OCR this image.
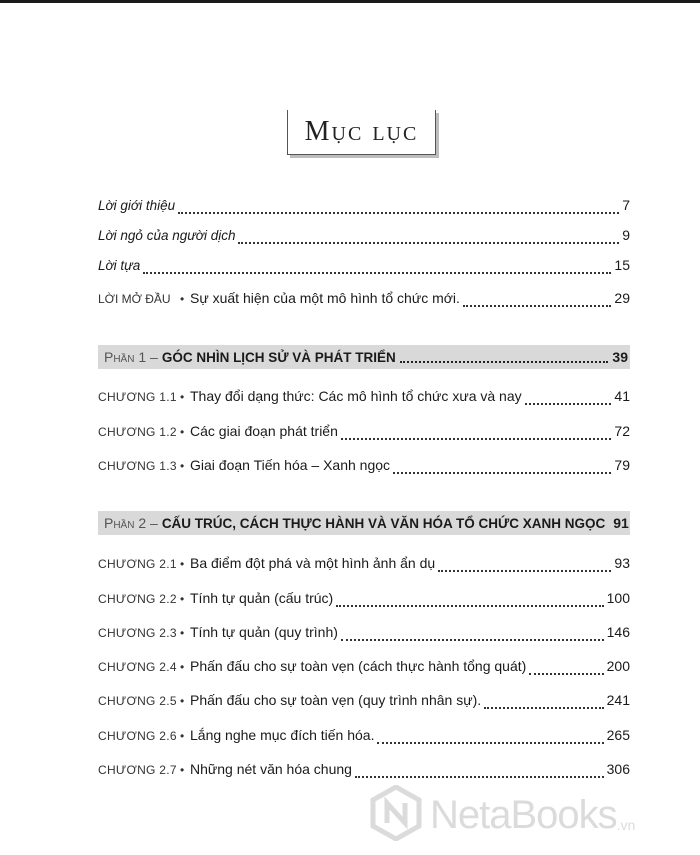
Mục lục
Lời giới thiệu	7
Lời ngỏ của người dịch	9
Lời tựa	15
LỜI MỞ ĐẦU • Sự xuất hiện của một mô hình tổ chức mới.	29
Phần 1 – GÓC NHÌN LỊCH SỬ VÀ PHÁT TRIỂN	39
CHƯƠNG 1.1 • Thay đổi dạng thức: Các mô hình tổ chức xưa và nay	41
CHƯƠNG 1.2 • Các giai đoạn phát triển	72
CHƯƠNG 1.3 • Giai đoạn Tiến hóa – Xanh ngọc	79
Phần 2 – CẤU TRÚC, CÁCH THỰC HÀNH VÀ VĂN HÓA TỔ CHỨC XANH NGỌC 91
CHƯƠNG 2.1 • Ba điểm đột phá và một hình ảnh ẩn dụ	93
CHƯƠNG 2.2 • Tính tự quản (cấu trúc)	100
CHƯƠNG 2.3 • Tính tự quản (quy trình)	146
CHƯƠNG 2.4 • Phấn đấu cho sự toàn vẹn (cách thực hành tổng quát)	200
CHƯƠNG 2.5 • Phấn đấu cho sự toàn vẹn (quy trình nhân sự).	241
CHƯƠNG 2.6 • Lắng nghe mục đích tiến hóa.	265
CHƯƠNG 2.7 • Những nét văn hóa chung	306
NetaBooks .vn
